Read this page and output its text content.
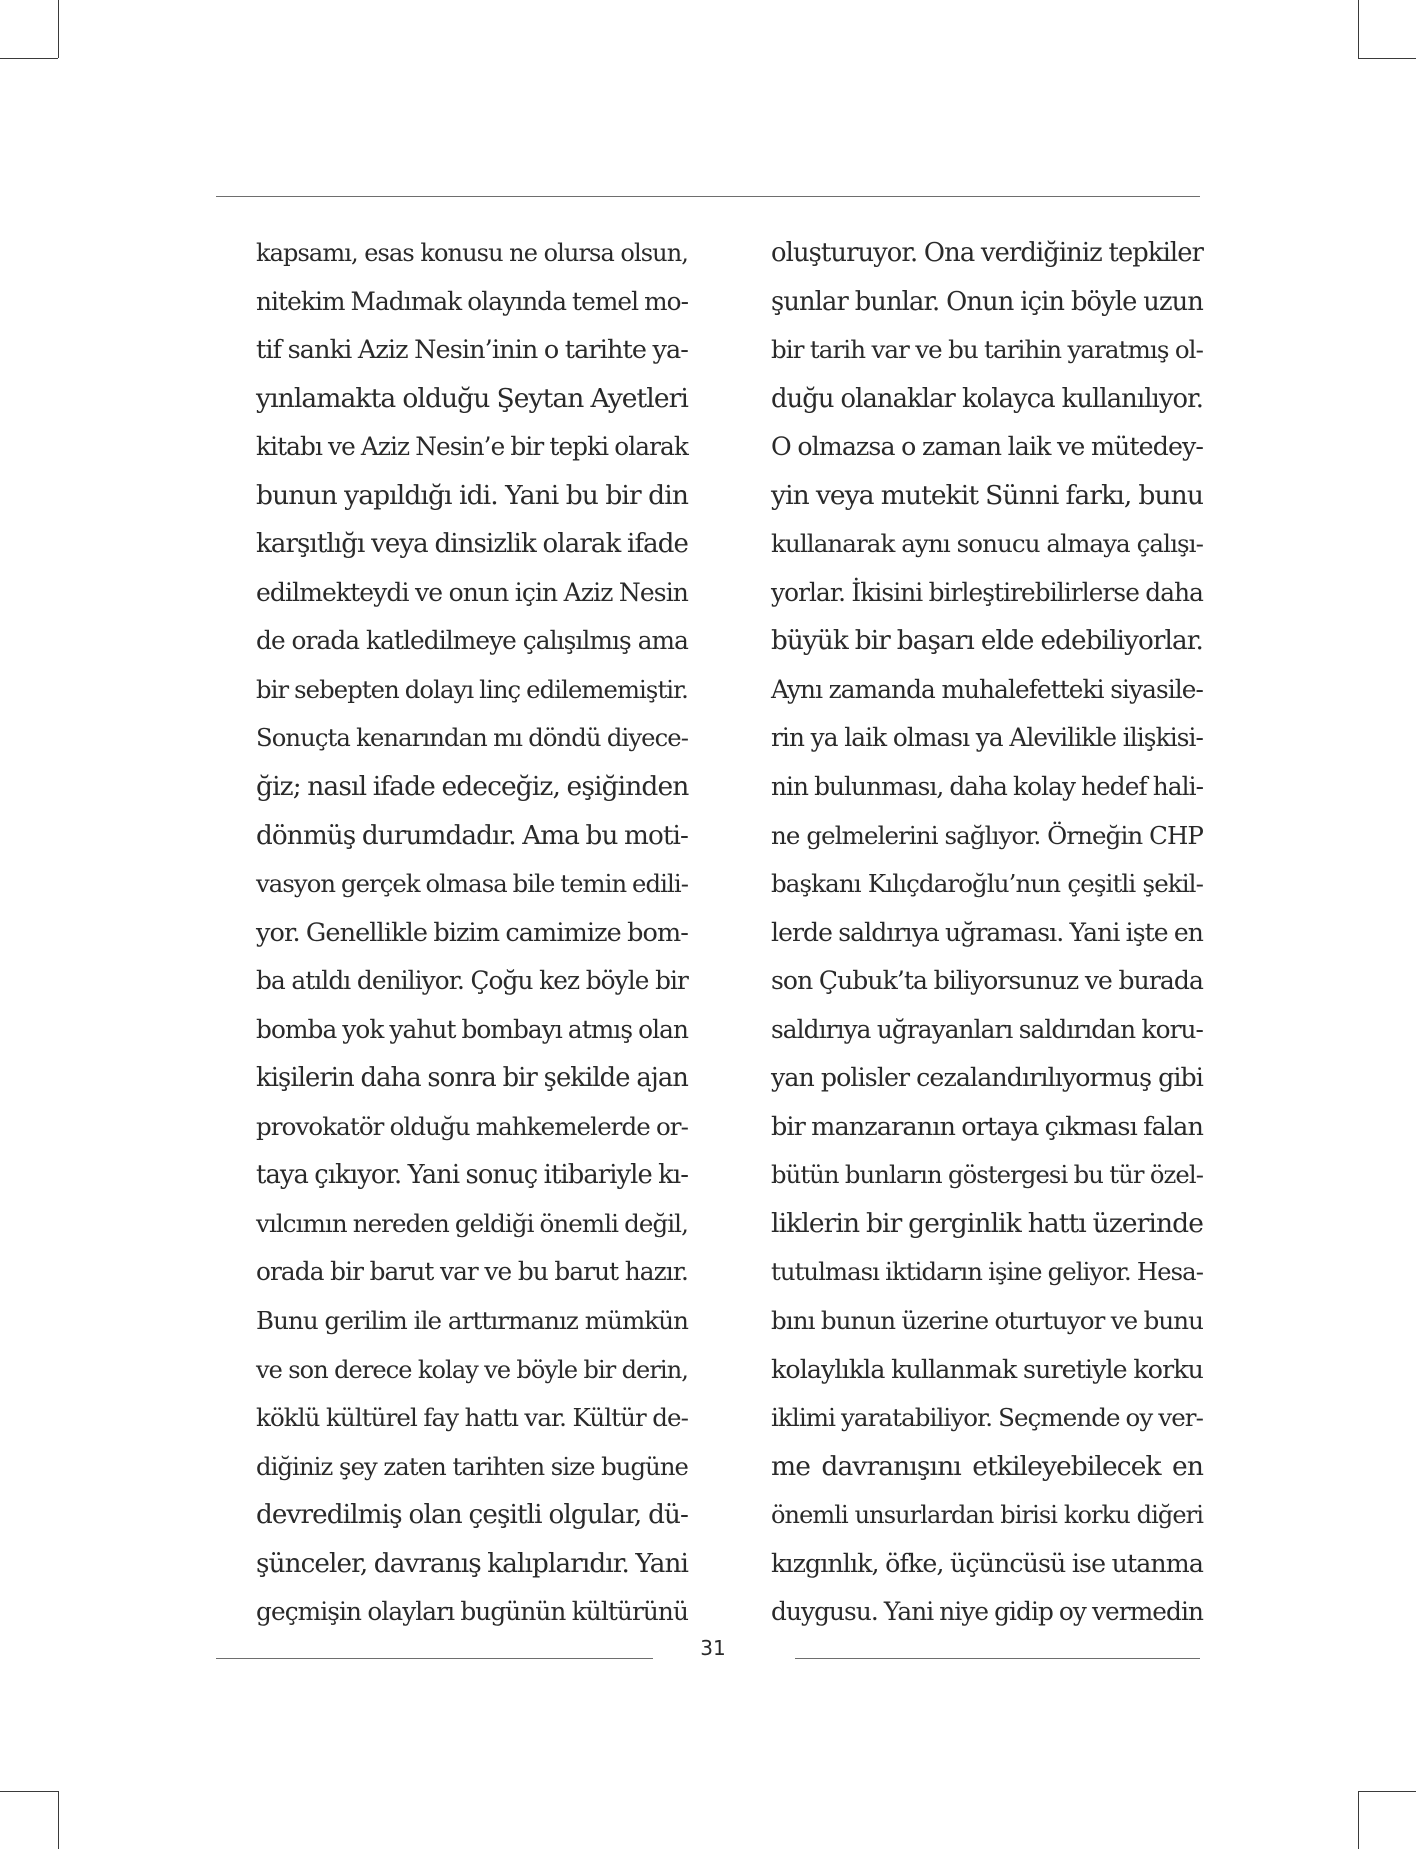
kapsamı, esas konusu ne olursa olsun,
nitekim Madımak olayında temel mo-
tif sanki Aziz Nesin’inin o tarihte ya-
yınlamakta olduğu Şeytan Ayetleri
kitabı ve Aziz Nesin’e bir tepki olarak
bunun yapıldığı idi. Yani bu bir din
karşıtlığı veya dinsizlik olarak ifade
edilmekteydi ve onun için Aziz Nesin
de orada katledilmeye çalışılmış ama
bir sebepten dolayı linç edilememiştir.
Sonuçta kenarından mı döndü diyece-
ğiz; nasıl ifade edeceğiz, eşiğinden
dönmüş durumdadır. Ama bu moti-
vasyon gerçek olmasa bile temin edili-
yor. Genellikle bizim camimize bom-
ba atıldı deniliyor. Çoğu kez böyle bir
bomba yok yahut bombayı atmış olan
kişilerin daha sonra bir şekilde ajan
provokatör olduğu mahkemelerde or-
taya çıkıyor. Yani sonuç itibariyle kı-
vılcımın nereden geldiği önemli değil,
orada bir barut var ve bu barut hazır.
Bunu gerilim ile arttırmanız mümkün
ve son derece kolay ve böyle bir derin,
köklü kültürel fay hattı var. Kültür de-
diğiniz şey zaten tarihten size bugüne
devredilmiş olan çeşitli olgular, dü-
şünceler, davranış kalıplarıdır. Yani
geçmişin olayları bugünün kültürünü
oluşturuyor. Ona verdiğiniz tepkiler
şunlar bunlar. Onun için böyle uzun
bir tarih var ve bu tarihin yaratmış ol-
duğu olanaklar kolayca kullanılıyor.
O olmazsa o zaman laik ve mütedey-
yin veya mutekit Sünni farkı, bunu
kullanarak aynı sonucu almaya çalışı-
yorlar. İkisini birleştirebilirlerse daha
büyük bir başarı elde edebiliyorlar.
Aynı zamanda muhalefetteki siyasile-
rin ya laik olması ya Alevilikle ilişkisi-
nin bulunması, daha kolay hedef hali-
ne gelmelerini sağlıyor. Örneğin CHP
başkanı Kılıçdaroğlu’nun çeşitli şekil-
lerde saldırıya uğraması. Yani işte en
son Çubuk’ta biliyorsunuz ve burada
saldırıya uğrayanları saldırıdan koru-
yan polisler cezalandırılıyormuş gibi
bir manzaranın ortaya çıkması falan
bütün bunların göstergesi bu tür özel-
liklerin bir gerginlik hattı üzerinde
tutulması iktidarın işine geliyor. Hesa-
bını bunun üzerine oturtuyor ve bunu
kolaylıkla kullanmak suretiyle korku
iklimi yaratabiliyor. Seçmende oy ver-
me davranışını etkileyebilecek en
önemli unsurlardan birisi korku diğeri
kızgınlık, öfke, üçüncüsü ise utanma
duygusu. Yani niye gidip oy vermedin
31
